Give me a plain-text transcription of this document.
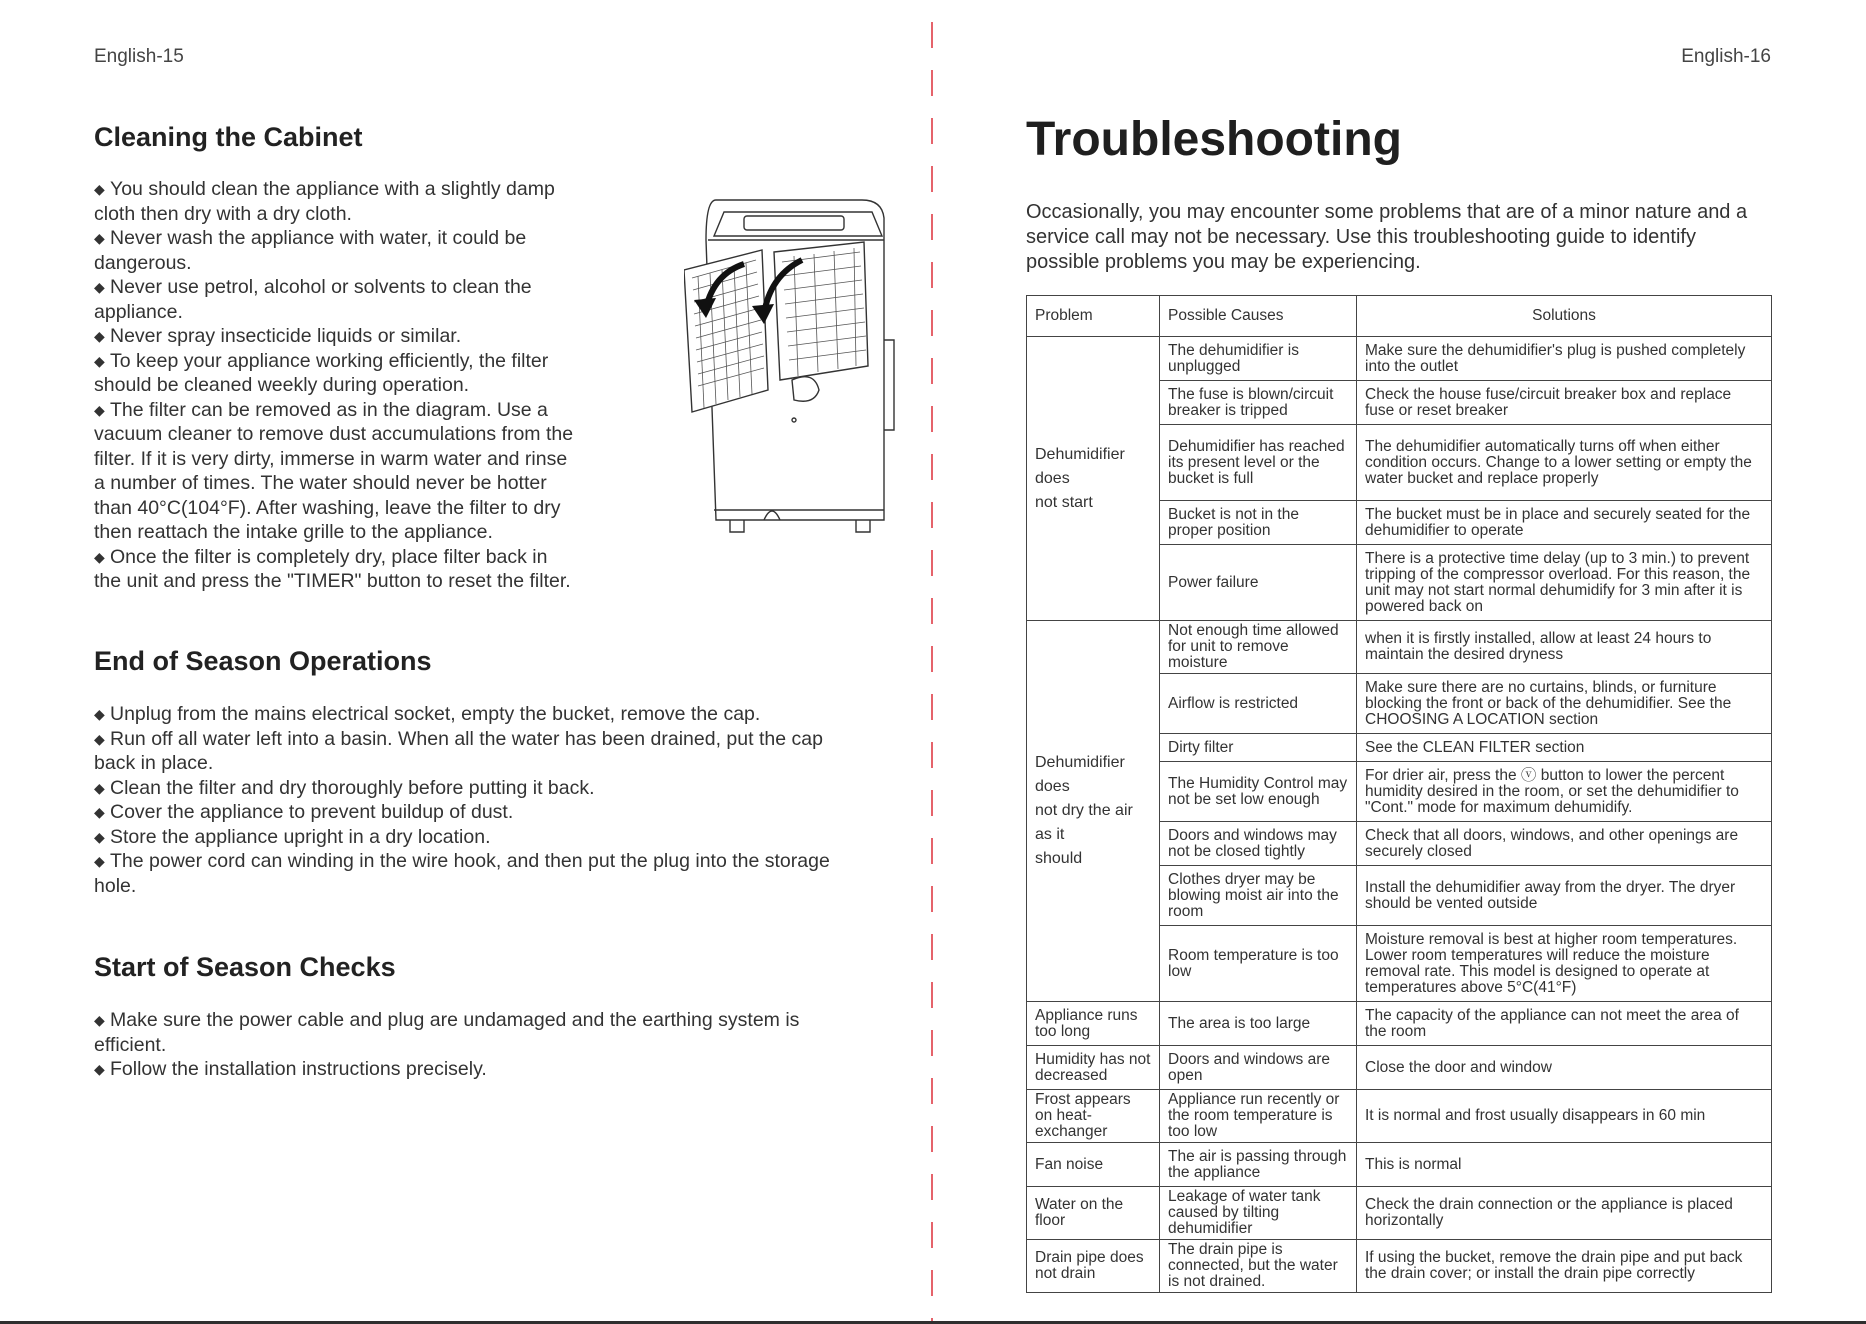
English-15	English-16
Cleaning the Cabinet

◆ You should clean the appliance with a slightly damp cloth then dry with a dry cloth.

◆ Never wash the appliance with water, it could be dangerous.

◆ Never use petrol, alcohol or solvents to clean the appliance.

◆ Never spray insecticide liquids or similar.

◆ To keep your appliance working efficiently, the filter should be cleaned weekly during operation.

◆ The filter can be removed as in the diagram. Use a vacuum cleaner to remove dust accumulations from the filter. If it is very dirty, immerse in warm water and rinse a number of times. The water should never be hotter than 40°C(104°F). After washing, leave the filter to dry then reattach the intake grille to the appliance.

◆ Once the filter is completely dry, place filter back in the unit and press the "TIMER" button to reset the filter.

End of Season Operations

◆ Unplug from the mains electrical socket, empty the bucket, remove the cap.

◆ Run off all water left into a basin. When all the water has been drained, put the cap back in place.

◆ Clean the filter and dry thoroughly before putting it back.

◆ Cover the appliance to prevent buildup of dust.

◆ Store the appliance upright in a dry location.

◆ The power cord can winding in the wire hook, and then put the plug into the storage hole.

Start of Season Checks

◆ Make sure the power cable and plug are undamaged and the earthing system is efficient.

◆ Follow the installation instructions precisely.

Troubleshooting

Occasionally, you may encounter some problems that are of a minor nature and a service call may not be necessary. Use this troubleshooting guide to identify possible problems you may be experiencing.

Problem	Possible Causes	Solutions

Dehumidifier
does
not start	The dehumidifier is unplugged	Make sure the dehumidifier's plug is pushed completely into the outlet
	The fuse is blown/circuit breaker is tripped	Check the house fuse/circuit breaker box and replace fuse or reset breaker
	Dehumidifier has reached its present level or the bucket is full	The dehumidifier automatically turns off when either condition occurs. Change to a lower setting or empty the water bucket and replace properly
	Bucket is not in the proper position	The bucket must be in place and securely seated for the dehumidifier to operate
	Power failure	There is a protective time delay (up to 3 min.) to prevent tripping of the compressor overload. For this reason, the unit may not start normal dehumidify for 3 min after it is powered back on

Dehumidifier
does
not dry the air
as it
should	Not enough time allowed for unit to remove moisture	when it is firstly installed, allow at least 24 hours to maintain the desired dryness
	Airflow is restricted	Make sure there are no curtains, blinds, or furniture blocking the front or back of the dehumidifier. See the CHOOSING A LOCATION section
	Dirty filter	See the CLEAN FILTER section
	The Humidity Control may not be set low enough	For drier air, press the ⓥ button to lower the percent humidity desired in the room, or set the dehumidifier to "Cont." mode for maximum dehumidify.
	Doors and windows may not be closed tightly	Check that all doors, windows, and other openings are securely closed
	Clothes dryer may be blowing moist air into the room	Install the dehumidifier away from the dryer. The dryer should be vented outside
	Room temperature is too low	Moisture removal is best at higher room temperatures. Lower room temperatures will reduce the moisture removal rate. This model is designed to operate at temperatures above 5°C(41°F)
Appliance runs too long	The area is too large	The capacity of the appliance can not meet the area of the room
Humidity has not decreased	Doors and windows are open	Close the door and window
Frost appears on heat-exchanger	Appliance run recently or the room temperature is too low	It is normal and frost usually disappears in 60 min
Fan noise	The air is passing through the appliance	This is normal
Water on the floor	Leakage of water tank caused by tilting dehumidifier	Check the drain connection or the appliance is placed horizontally
Drain pipe does not drain	The drain pipe is connected, but the water is not drained.	If using the bucket, remove the drain pipe and put back the drain cover; or install the drain pipe correctly
